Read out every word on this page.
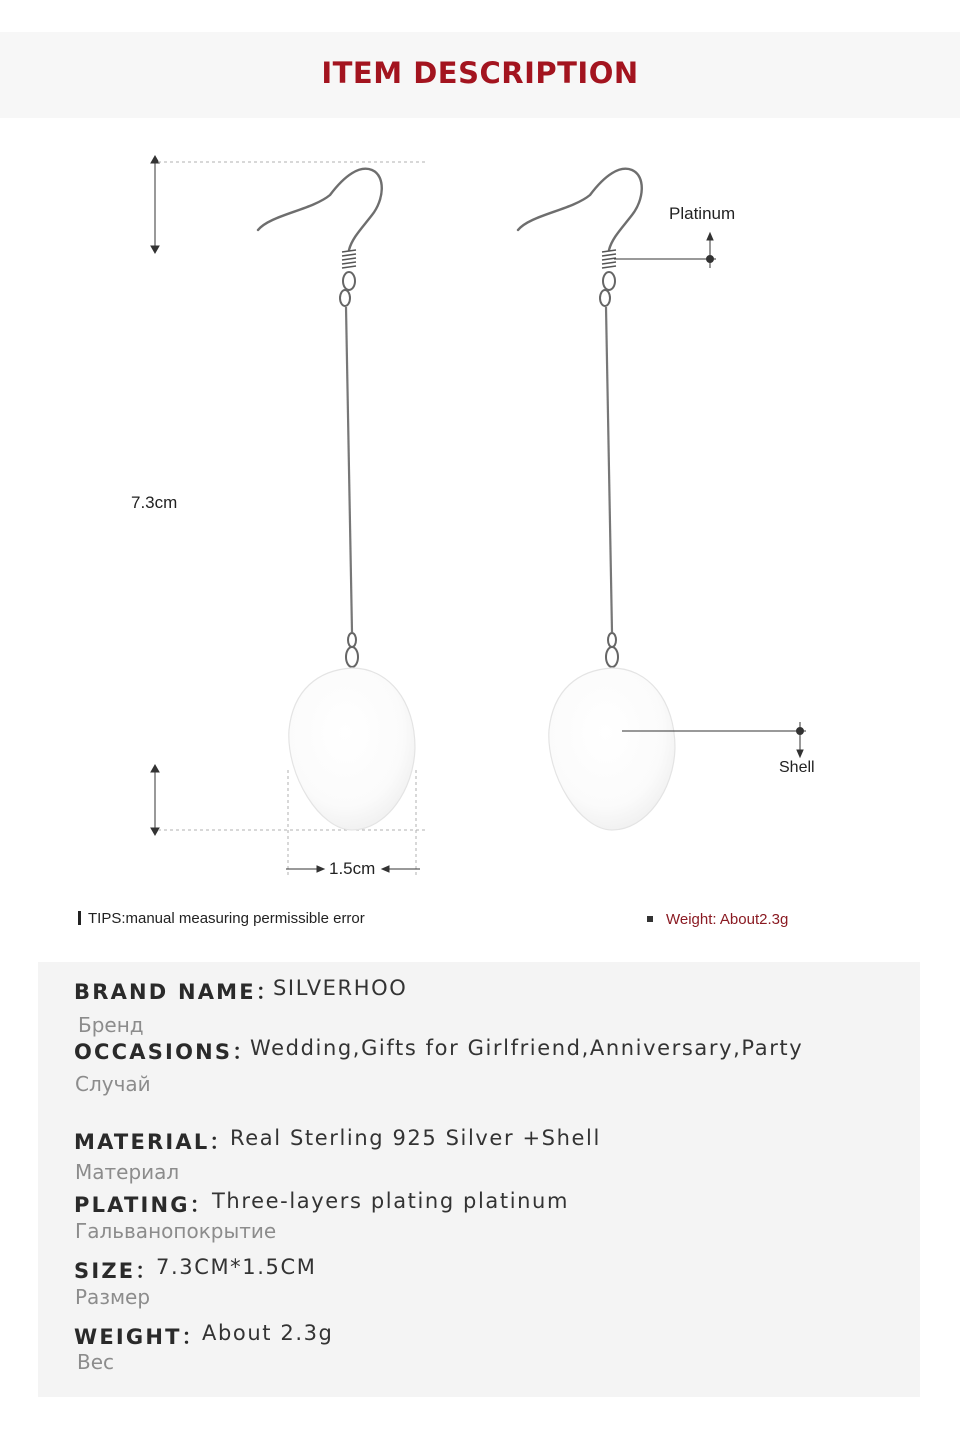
ITEM DESCRIPTION
7.3cm
1.5cm
Platinum
Shell
TIPS:manual measuring permissible error	Weight: About2.3g
BRAND NAME：
SILVERHOO
Бренд
OCCASIONS：
Wedding,Gifts for Girlfriend,Anniversary,Party
Случай
MATERIAL：
Real Sterling 925 Silver +Shell
Материал
PLATING： Three-layers plating platinum
Гальванопокрытие
SIZE：
7.3CM*1.5CM
Размер
WEIGHT：
About 2.3g
Вес
